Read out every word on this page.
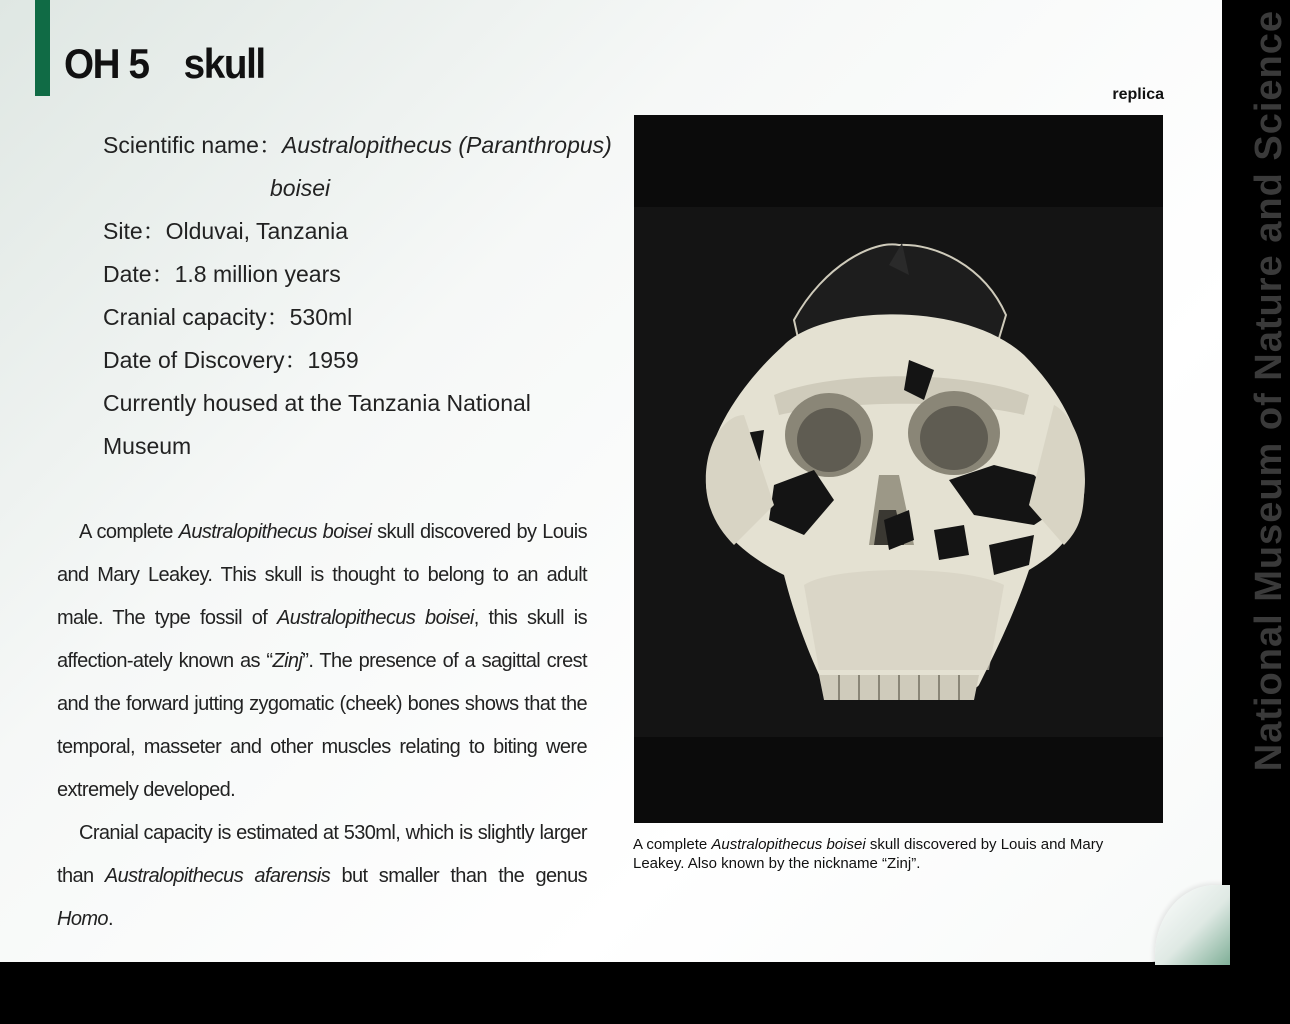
OH 5 skull
Scientific name：Australopithecus (Paranthropus)
boisei
Site：Olduvai, Tanzania
Date：1.8 million years
Cranial capacity：530ml
Date of Discovery：1959
Currently housed at the Tanzania National Museum

A complete Australopithecus boisei skull discovered by Louis and Mary Leakey. This skull is thought to belong to an adult male. The type fossil of Australopithecus boisei, this skull is affection-ately known as “Zinj”. The presence of a sagittal crest and the forward jutting zygomatic (cheek) bones shows that the temporal, masseter and other muscles relating to biting were extremely developed.

Cranial capacity is estimated at 530ml, which is slightly larger than Australopithecus afarensis but smaller than the genus Homo.

replica
A complete Australopithecus boisei skull discovered by Louis and Mary Leakey. Also known by the nickname “Zinj”.
National Museum of Nature and Science
